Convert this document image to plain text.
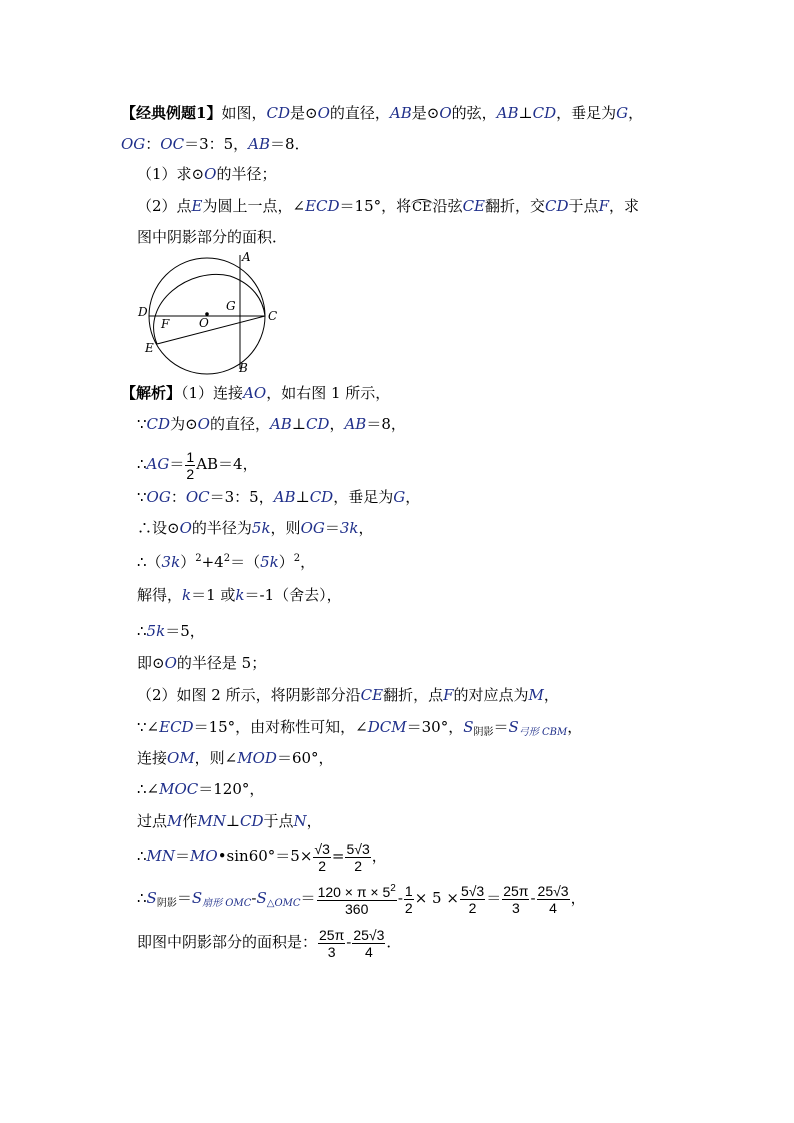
【经典例题1】如图，CD是⊙O的直径，AB是⊙O的弦，AB⊥CD，垂足为G，
OG：OC＝3：5，AB＝8．
（1）求⊙O的半径；
（2）点E为圆上一点，∠ECD＝15°，将CE沿弦CE翻折，交CD于点F，求
图中阴影部分的面积．
A
B
C
D
E
F
G
O
【解析】（1）连接AO，如右图 1 所示，
∵CD为⊙O的直径，AB⊥CD，AB＝8，
∴AG＝ $\frac{1}{2} AB=4$，
∵OG：OC＝3：5，AB⊥CD，垂足为G，
∴设⊙O的半径为5k，则OG＝3k，
$\therefore(3k)^2+4^2=(5k)^2$，
解得，k＝1 或k＝-1（舍去），
∴5k＝5，
即⊙O的半径是 5；
（2）如图 2 所示，将阴影部分沿CE翻折，点F的对应点为M，
∵∠ECD＝15°，由对称性可知，∠DCM＝30°，$S_{阴影}=S_{弓形 CBM}$，
连接OM，则∠MOD＝60°，
∴∠MOC＝120°，
过点M作MN⊥CD于点N，
∴MN＝MO•sin60°＝5× $\frac{√3}{2} = \frac{5√3}{2}$ ，
$\therefore S_{阴影}=S_{扇形 OMC}-S_{\triangle OMC}= \frac{120 \times \pi \times 5^2}{360} - \frac{1}{2} \times 5 \times \frac{5√3}{2} = \frac{25\pi}{3} - \frac{25√3}{4}$ ，
即图中阴影部分的面积是： $\frac{25\pi}{3} - \frac{25√3}{4}$ ．
